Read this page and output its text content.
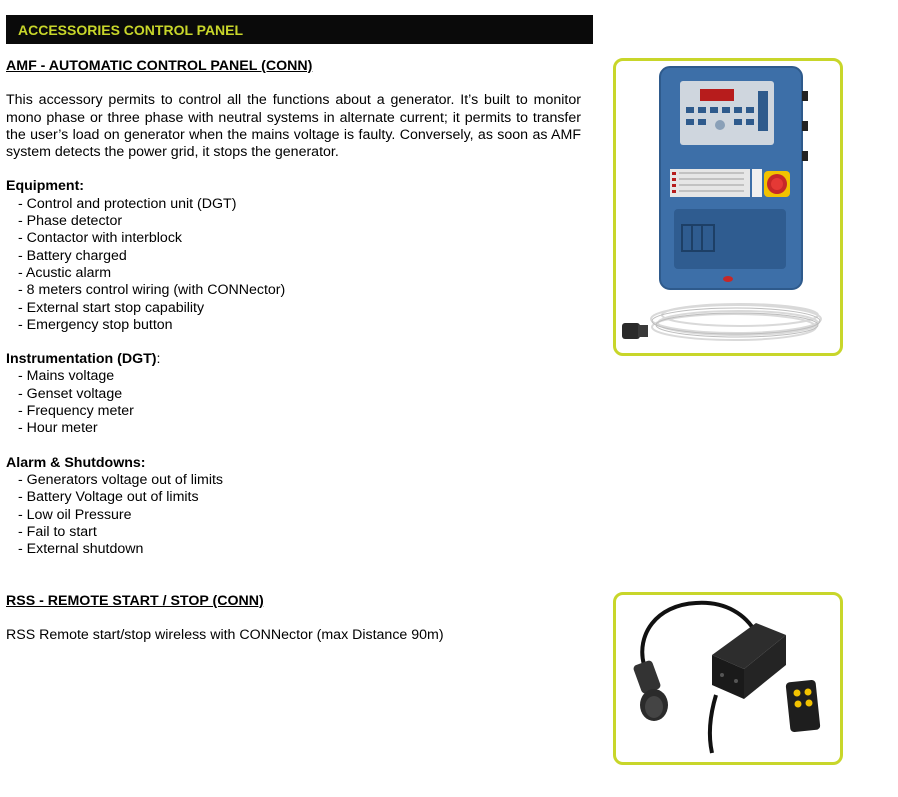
ACCESSORIES CONTROL PANEL
AMF - AUTOMATIC CONTROL PANEL (CONN)
This accessory permits to control all the functions about a generator. It’s built to monitor mono phase or three phase with neutral systems in alternate current; it permits to transfer the user’s load on generator when the mains voltage is faulty. Conversely, as soon as AMF system detects the power grid, it stops the generator.
Equipment:
- Control and protection unit (DGT)
- Phase detector
- Contactor with interblock
- Battery charged
- Acustic alarm
- 8 meters control wiring (with CONNector)
- External start stop capability
- Emergency stop button
Instrumentation (DGT):
- Mains voltage
- Genset voltage
- Frequency meter
- Hour meter
Alarm & Shutdowns:
- Generators voltage out of limits
- Battery Voltage out of limits
- Low oil Pressure
- Fail to start
- External shutdown
RSS - REMOTE START / STOP (CONN)
RSS Remote start/stop wireless with CONNector (max Distance 90m)
